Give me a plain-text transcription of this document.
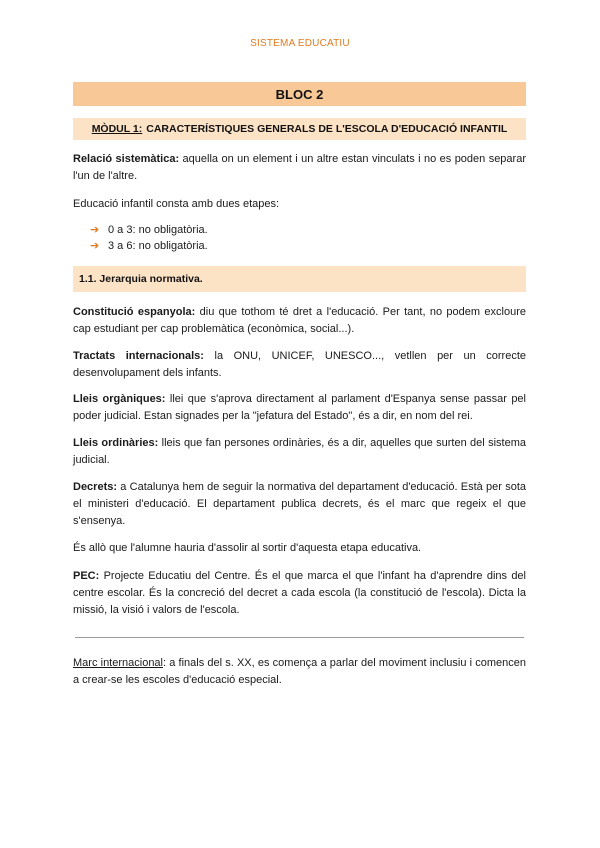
SISTEMA EDUCATIU
BLOC 2
MÒDUL 1: CARACTERÍSTIQUES GENERALS DE L'ESCOLA D'EDUCACIÓ INFANTIL

Relació sistemàtica: aquella on un element i un altre estan vinculats i no es poden separar l'un de l'altre.

Educació infantil consta amb dues etapes:

➔ 0 a 3: no obligatòria.
➔ 3 a 6: no obligatòria.
1.1. Jerarquia normativa.

Constitució espanyola: diu que tothom té dret a l'educació. Per tant, no podem excloure cap estudiant per cap problemàtica (econòmica, social...).

Tractats internacionals: la ONU, UNICEF, UNESCO..., vetllen per un correcte desenvolupament dels infants.

Lleis orgàniques: llei que s'aprova directament al parlament d'Espanya sense passar pel poder judicial. Estan signades per la "jefatura del Estado", és a dir, en nom del rei.

Lleis ordinàries: lleis que fan persones ordinàries, és a dir, aquelles que surten del sistema judicial.

Decrets: a Catalunya hem de seguir la normativa del departament d'educació. Està per sota el ministeri d'educació. El departament publica decrets, és el marc que regeix el que s'ensenya.

És allò que l'alumne hauria d'assolir al sortir d'aquesta etapa educativa.

PEC: Projecte Educatiu del Centre. És el que marca el que l'infant ha d'aprendre dins del centre escolar. És la concreció del decret a cada escola (la constitució de l'escola). Dicta la missió, la visió i valors de l'escola.

Marc internacional: a finals del s. XX, es comença a parlar del moviment inclusiu i comencen a crear-se les escoles d'educació especial.
